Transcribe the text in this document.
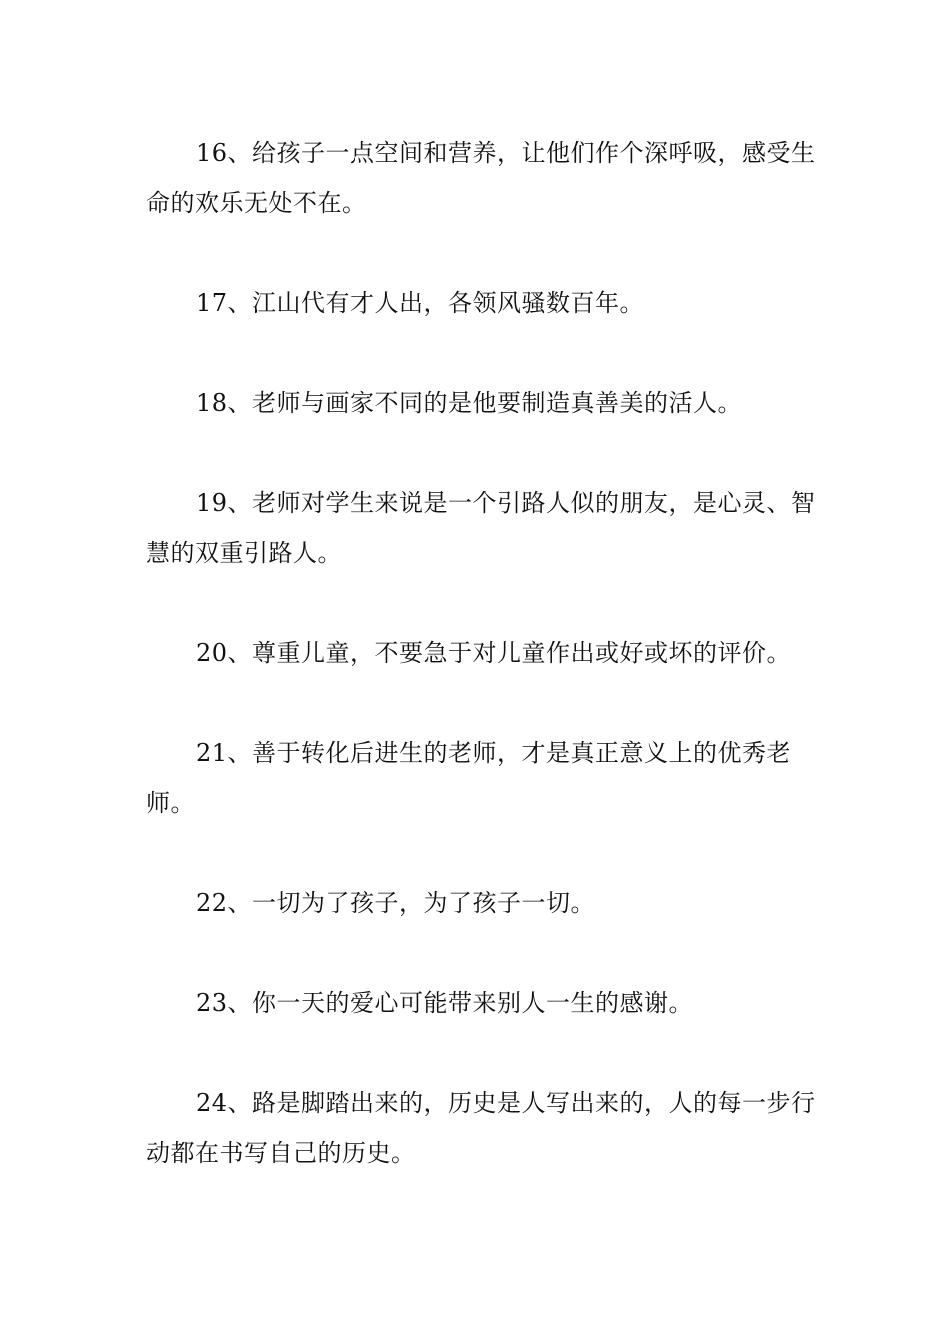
16、给孩子一点空间和营养，让他们作个深呼吸，感受生命的欢乐无处不在。

17、江山代有才人出，各领风骚数百年。

18、老师与画家不同的是他要制造真善美的活人。

19、老师对学生来说是一个引路人似的朋友，是心灵、智慧的双重引路人。

20、尊重儿童，不要急于对儿童作出或好或坏的评价。

21、善于转化后进生的老师，才是真正意义上的优秀老师。

22、一切为了孩子，为了孩子一切。

23、你一天的爱心可能带来别人一生的感谢。

24、路是脚踏出来的，历史是人写出来的，人的每一步行动都在书写自己的历史。
